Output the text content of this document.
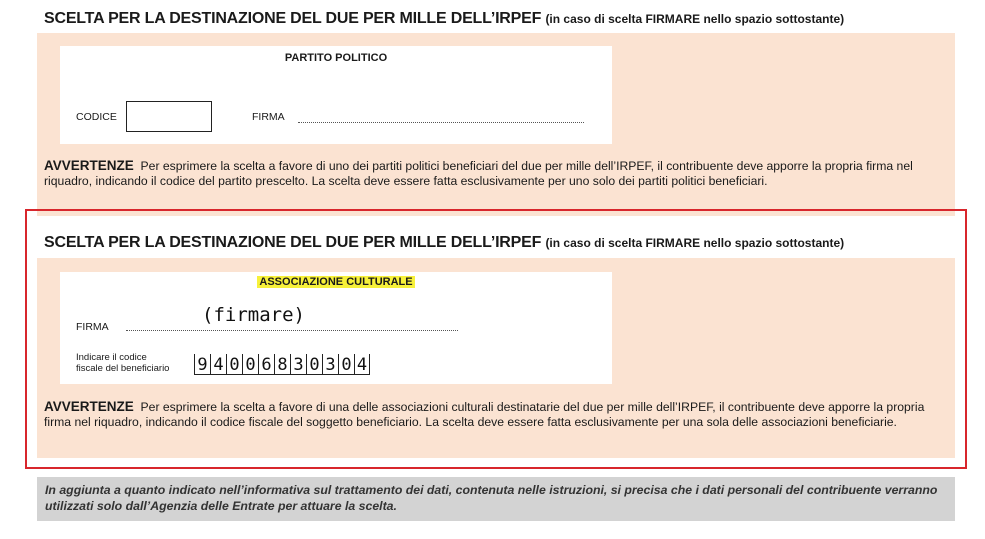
SCELTA PER LA DESTINAZIONE DEL DUE PER MILLE DELL’IRPEF (in caso di scelta FIRMARE nello spazio sottostante)
PARTITO POLITICO
CODICE	FIRMA
AVVERTENZE Per esprimere la scelta a favore di uno dei partiti politici beneficiari del due per mille dell’IRPEF, il contribuente deve apporre la propria firma nel riquadro, indicando il codice del partito prescelto. La scelta deve essere fatta esclusivamente per uno solo dei partiti politici beneficiari.
SCELTA PER LA DESTINAZIONE DEL DUE PER MILLE DELL’IRPEF (in caso di scelta FIRMARE nello spazio sottostante)
ASSOCIAZIONE CULTURALE
FIRMA
(firmare)
Indicare il codice
fiscale del beneficiario 9 4 0 0 6 8 3 0 3 0 4
AVVERTENZE Per esprimere la scelta a favore di una delle associazioni culturali destinatarie del due per mille dell’IRPEF, il contribuente deve apporre la propria firma nel riquadro, indicando il codice fiscale del soggetto beneficiario. La scelta deve essere fatta esclusivamente per una sola delle associazioni beneficiarie.
In aggiunta a quanto indicato nell’informativa sul trattamento dei dati, contenuta nelle istruzioni, si precisa che i dati personali del contribuente verranno utilizzati solo dall’Agenzia delle Entrate per attuare la scelta.
